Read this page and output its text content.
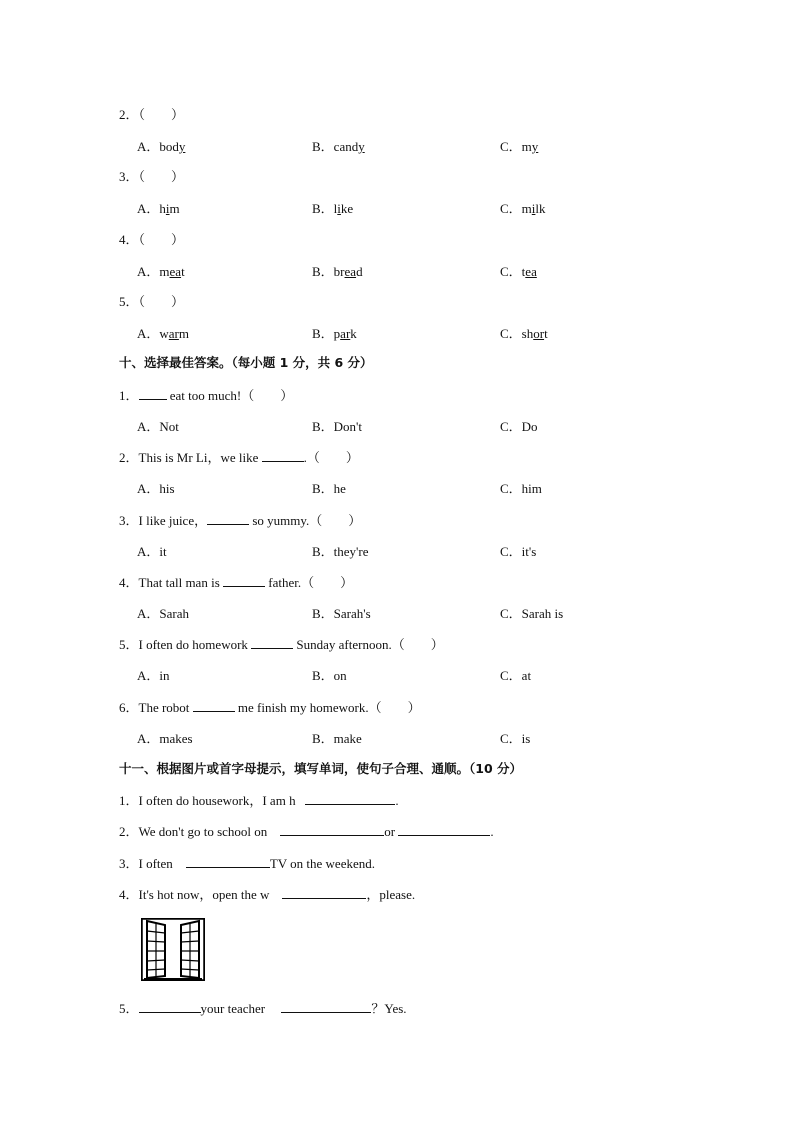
2．（　　）
A．body	B．candy	C．my
3．（　　）
A．him	B．like	C．milk
4．（　　）
A．meat	B．bread	C．tea
5．（　　）
A．warm	B．park	C．short
十、选择最佳答案。（每小题 1 分，共 6 分）
1． eat too much!（　　）
A．Not	B．Don't	C．Do
2．This is Mr Li，we like	.（　　）
A．his	B．he	C．him
3．I like juice，	so yummy.（　　）
A．it	B．they're	C．it's
4．That tall man is	father.（　　）
A．Sarah	B．Sarah's	C．Sarah is
5．I often do homework	Sunday afternoon.（　　）
A．in	B．on	C．at
6．The robot	me finish my homework.（　　）
A．makes	B．make	C．is
十一、根据图片或首字母提示，填写单词，使句子合理、通顺。（10 分）
1．I often do housework，I am h	.
2．We don't go to school on	or	.
3．I often	TV on the weekend.
4．It's hot now，open the w	，please.
5．	your teacher	？Yes.
